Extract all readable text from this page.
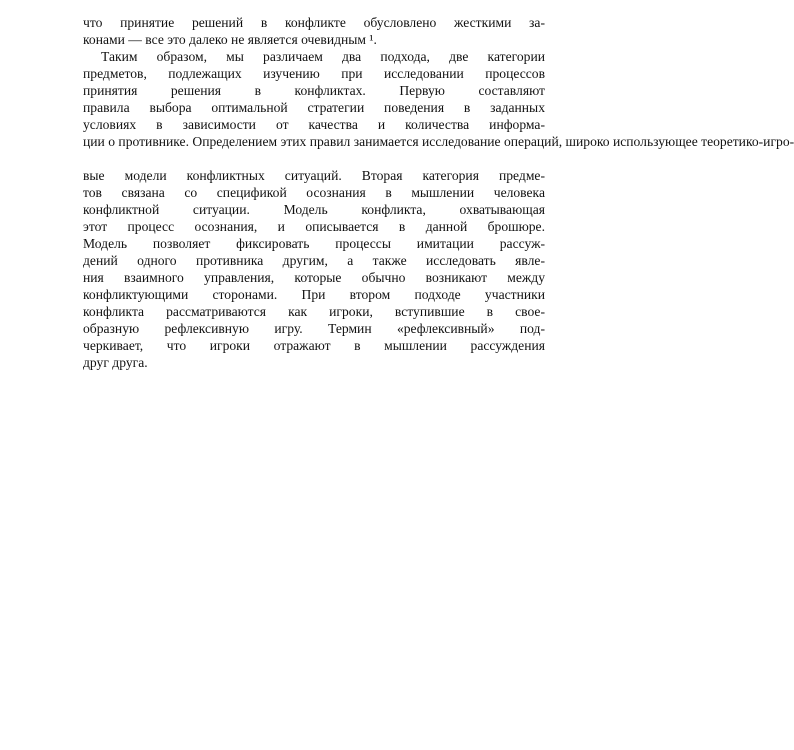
что принятие решений в конфликте обусловлено жесткими за-
конами — все это далеко не является очевидным ¹.
Таким образом, мы различаем два подхода, две категории
предметов, подлежащих изучению при исследовании процессов
принятия решения в конфликтах. Первую составляют
правила выбора оптимальной стратегии поведения в заданных
условиях в зависимости от качества и количества информа-
ции о противнике. Определением этих правил занимается исследование операций, широко использующее теоретико-игро-
вые модели конфликтных ситуаций. Вторая категория предме-
тов связана со спецификой осознания в мышлении человека
конфликтной ситуации. Модель конфликта, охватывающая
этот процесс осознания, и описывается в данной брошюре.
Модель позволяет фиксировать процессы имитации рассуж-
дений одного противника другим, а также исследовать явле-
ния взаимного управления, которые обычно возникают между
конфликтующими сторонами. При втором подходе участники
конфликта рассматриваются как игроки, вступившие в свое-
образную рефлексивную игру. Термин «рефлексивный» под-
черкивает, что игроки отражают в мышлении рассуждения
друг друга.
